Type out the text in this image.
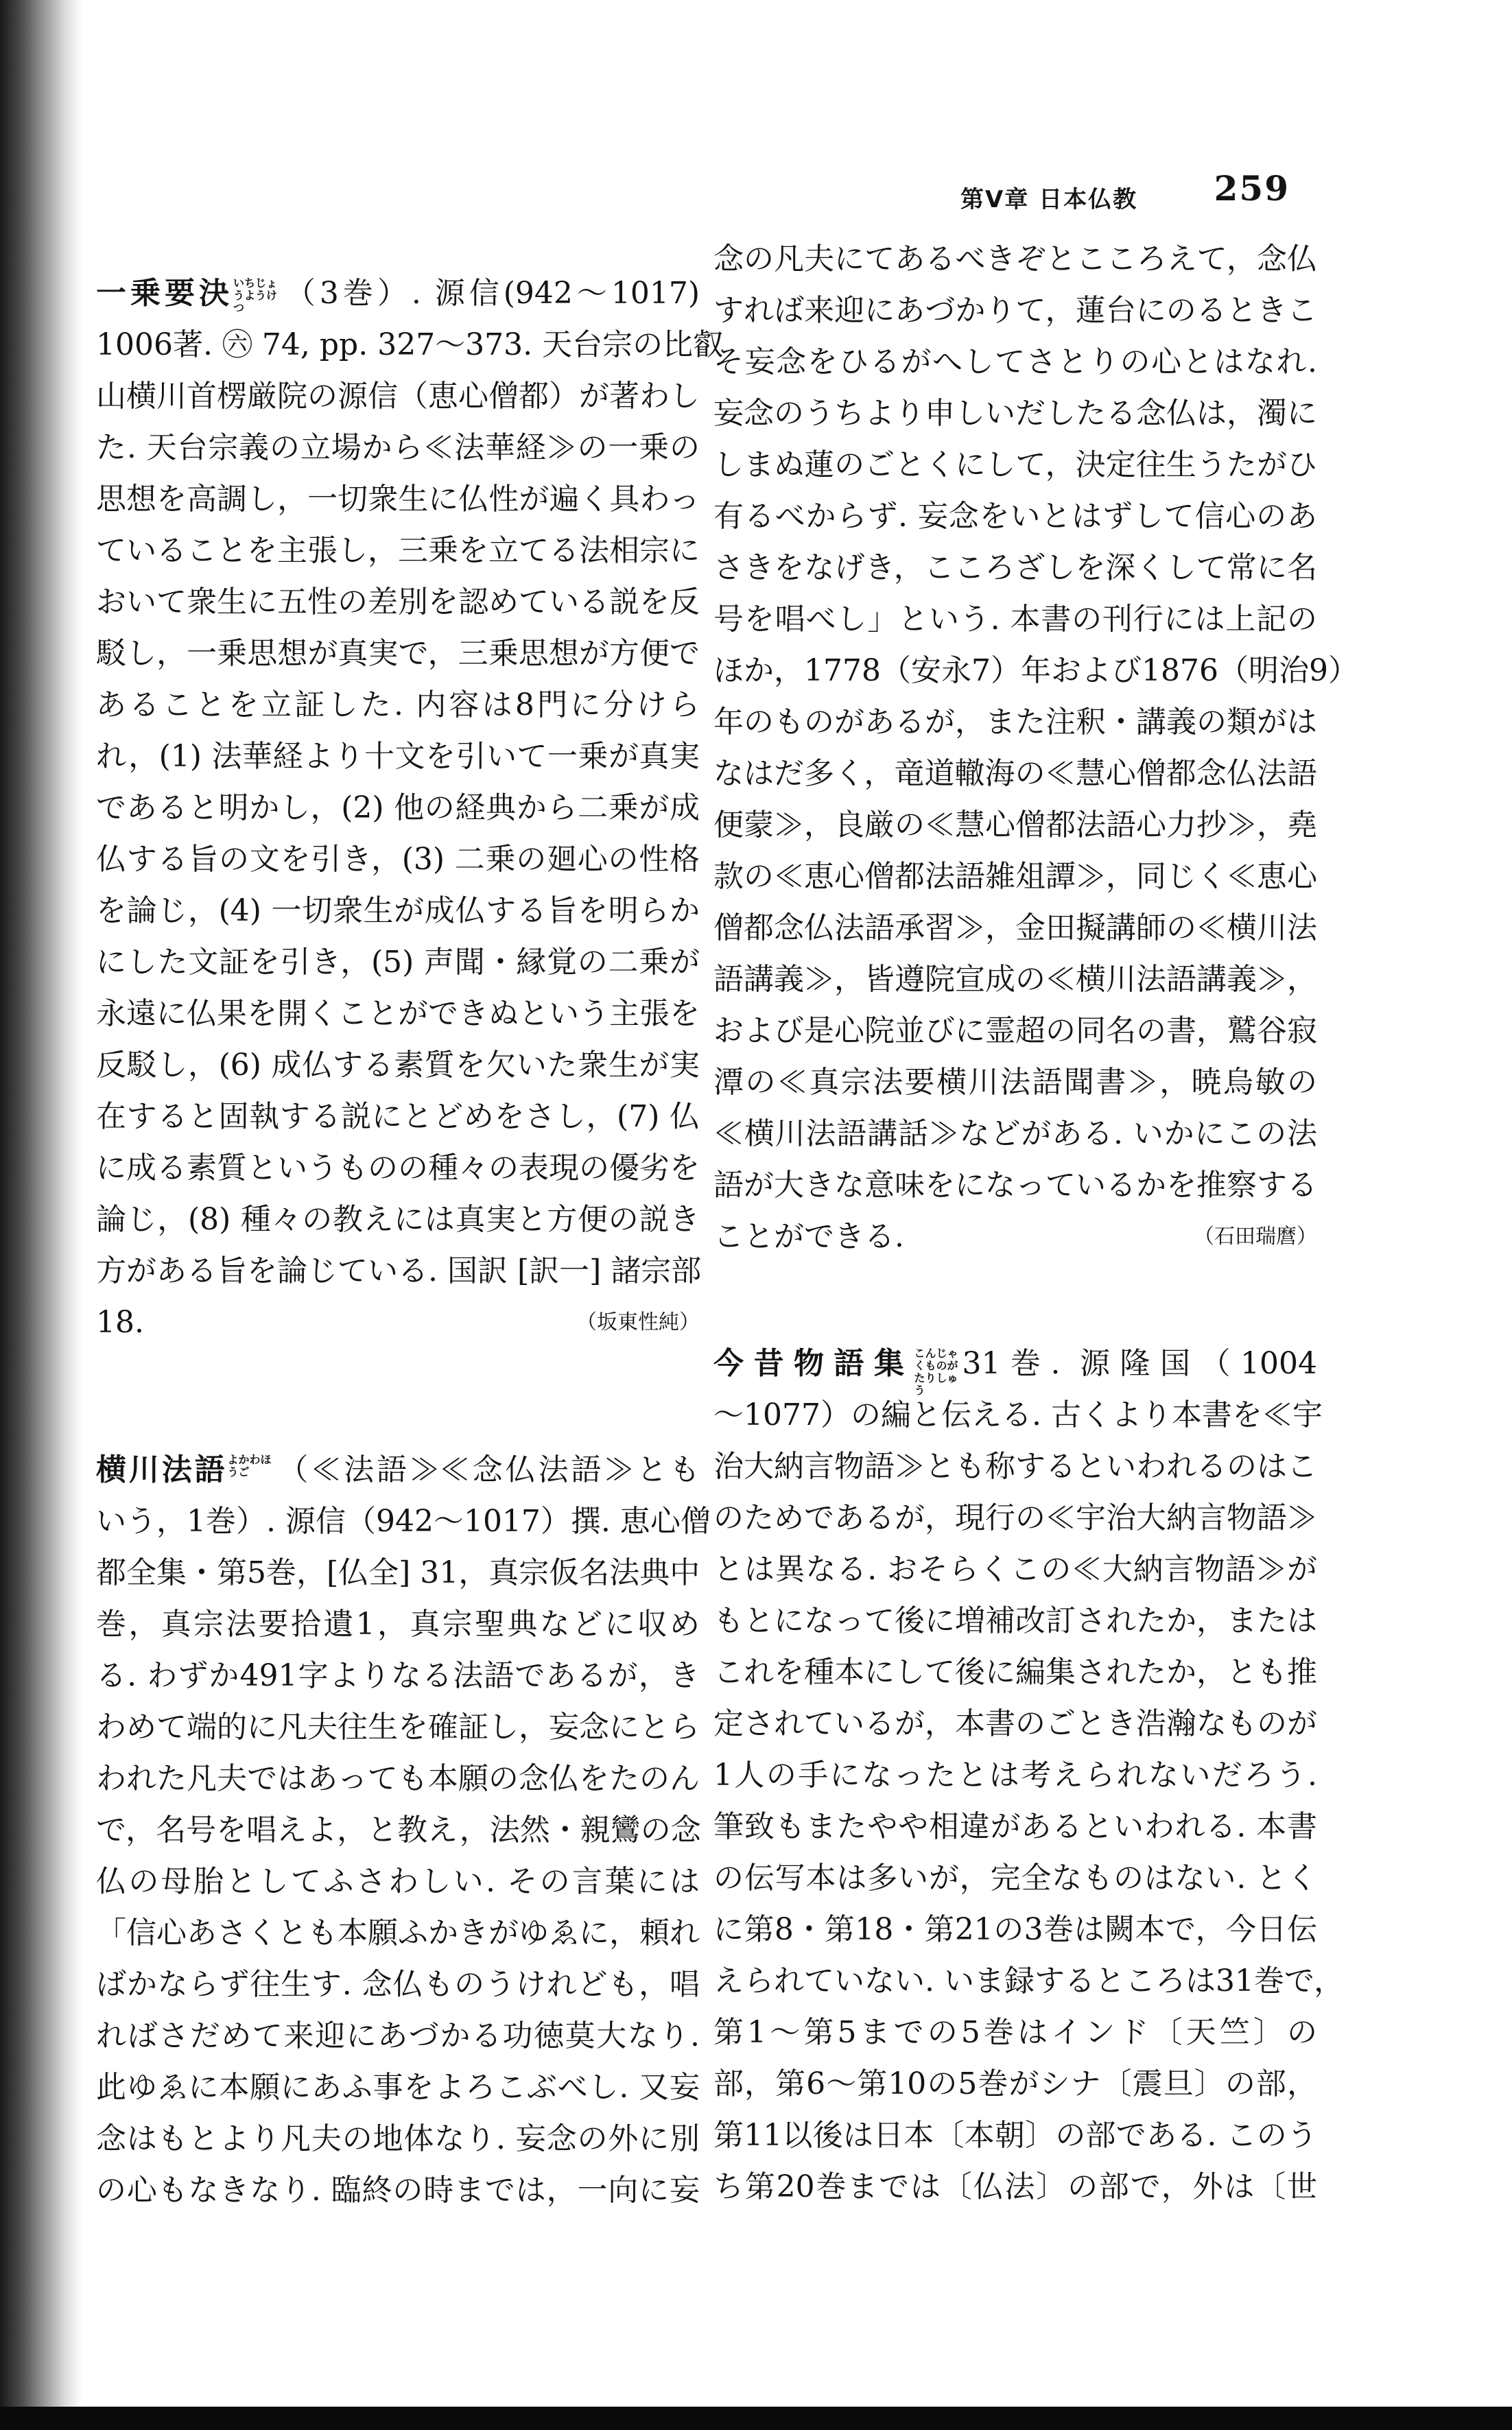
第V章 日本仏教 259
一乗要決いちじょうようけつ （3巻）. 源信(942～1017)
1006著. ㊅ 74, pp. 327～373. 天台宗の比叡
山横川首楞厳院の源信（恵心僧都）が著わし
た. 天台宗義の立場から≪法華経≫の一乗の
思想を高調し，一切衆生に仏性が遍く具わっ
ていることを主張し，三乗を立てる法相宗に
おいて衆生に五性の差別を認めている説を反
駁し，一乗思想が真実で，三乗思想が方便で
あることを立証した. 内容は8門に分けら
れ，(1) 法華経より十文を引いて一乗が真実
であると明かし，(2) 他の経典から二乗が成
仏する旨の文を引き，(3) 二乗の廻心の性格
を論じ，(4) 一切衆生が成仏する旨を明らか
にした文証を引き，(5) 声聞・縁覚の二乗が
永遠に仏果を開くことができぬという主張を
反駁し，(6) 成仏する素質を欠いた衆生が実
在すると固執する説にとどめをさし，(7) 仏
に成る素質というものの種々の表現の優劣を
論じ，(8) 種々の教えには真実と方便の説き
方がある旨を論じている. 国訳 [訳一] 諸宗部
18.	（坂東性純）
横川法語よかわほうご （≪法語≫≪念仏法語≫とも
いう，1巻）. 源信（942～1017）撰. 恵心僧
都全集・第5巻，[仏全] 31，真宗仮名法典中
巻，真宗法要拾遺1，真宗聖典などに収め
る. わずか491字よりなる法語であるが，き
わめて端的に凡夫往生を確証し，妄念にとら
われた凡夫ではあっても本願の念仏をたのん
で，名号を唱えよ，と教え，法然・親鸞の念
仏の母胎としてふさわしい. その言葉には
「信心あさくとも本願ふかきがゆゑに，頼れ
ばかならず往生す. 念仏ものうけれども，唱
ればさだめて来迎にあづかる功徳莫大なり.
此ゆゑに本願にあふ事をよろこぶべし. 又妄
念はもとより凡夫の地体なり. 妄念の外に別
の心もなきなり. 臨終の時までは，一向に妄
念の凡夫にてあるべきぞとこころえて，念仏
すれば来迎にあづかりて，蓮台にのるときこ
そ妄念をひるがへしてさとりの心とはなれ.
妄念のうちより申しいだしたる念仏は，濁に
しまぬ蓮のごとくにして，決定往生うたがひ
有るべからず. 妄念をいとはずして信心のあ
さきをなげき，こころざしを深くして常に名
号を唱べし」という. 本書の刊行には上記の
ほか，1778（安永7）年および1876（明治9）
年のものがあるが，また注釈・講義の類がは
なはだ多く，竜道轍海の≪慧心僧都念仏法語
便蒙≫，良厳の≪慧心僧都法語心力抄≫，堯
款の≪恵心僧都法語雑俎譚≫，同じく≪恵心
僧都念仏法語承習≫，金田擬講師の≪横川法
語講義≫，皆遵院宣成の≪横川法語講義≫，
および是心院並びに霊超の同名の書，鷲谷寂
潭の≪真宗法要横川法語聞書≫，暁烏敏の
≪横川法語講話≫などがある. いかにこの法
語が大きな意味をになっているかを推察する
ことができる.	（石田瑞麿）
今昔物語集こんじゃくものがたりしゅう31巻. 源隆国（1004
～1077）の編と伝える. 古くより本書を≪宇
治大納言物語≫とも称するといわれるのはこ
のためであるが，現行の≪宇治大納言物語≫
とは異なる. おそらくこの≪大納言物語≫が
もとになって後に増補改訂されたか，または
これを種本にして後に編集されたか，とも推
定されているが，本書のごとき浩瀚なものが
1人の手になったとは考えられないだろう.
筆致もまたやや相違があるといわれる. 本書
の伝写本は多いが，完全なものはない. とく
に第8・第18・第21の3巻は闕本で，今日伝
えられていない. いま録するところは31巻で，
第1～第5までの5巻はインド〔天竺〕の
部，第6～第10の5巻がシナ〔震旦〕の部，
第11以後は日本〔本朝〕の部である. このう
ち第20巻までは〔仏法〕の部で，外は〔世
